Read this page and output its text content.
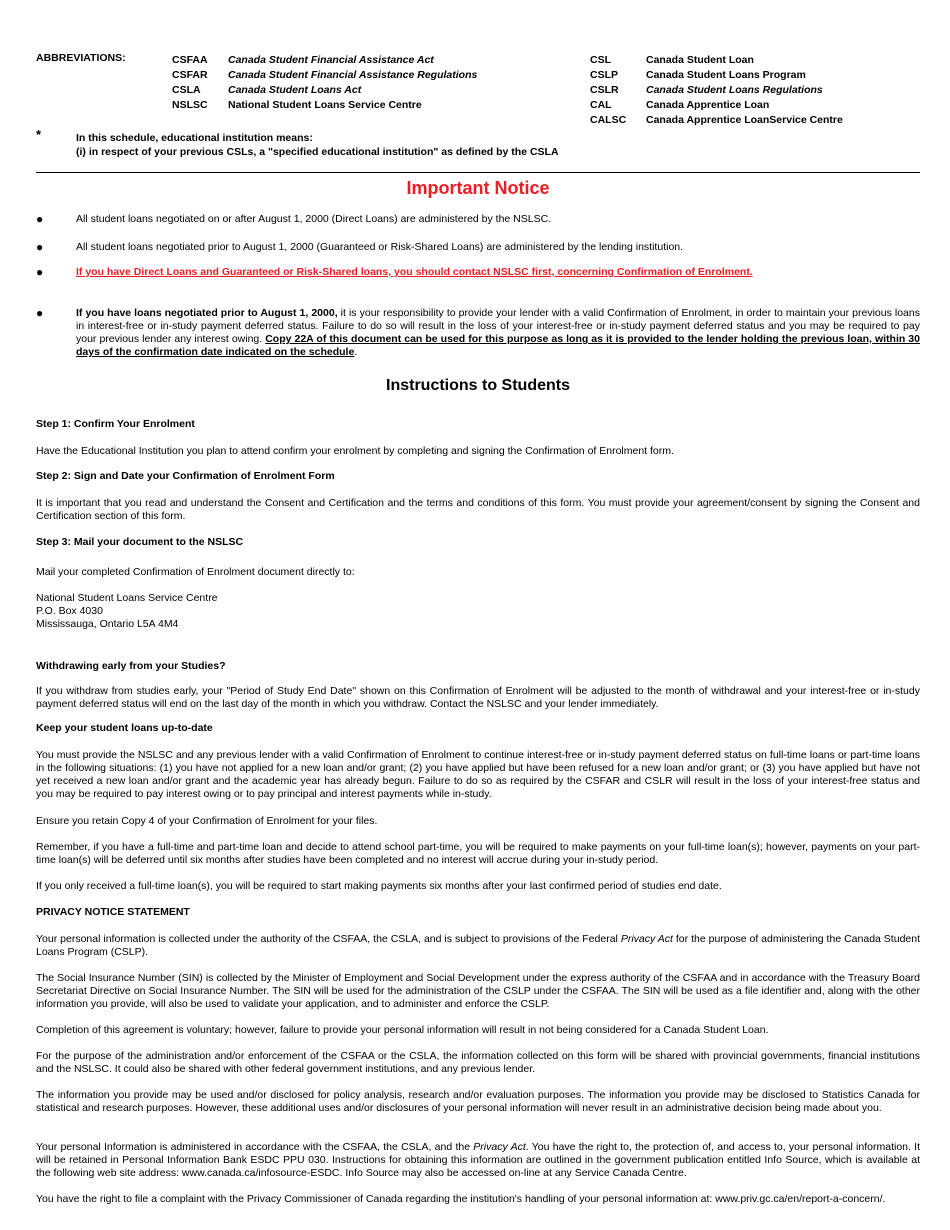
ABBREVIATIONS:	CSFAA	Canada Student Financial Assistance Act
CSFAR	Canada Student Financial Assistance Regulations
CSLA	Canada Student Loans Act
NSLSC	National Student Loans Service Centre
CSL	Canada Student Loan
CSLP	Canada Student Loans Program
CSLR	Canada Student Loans Regulations
CAL	Canada Apprentice Loan
CALSC	Canada Apprentice LoanService Centre
*	In this schedule, educational institution means:
(i) in respect of your previous CSLs, a "specified educational institution" as defined by the CSLA
Important Notice
●	All student loans negotiated on or after August 1, 2000 (Direct Loans) are administered by the NSLSC.
●	All student loans negotiated prior to August 1, 2000 (Guaranteed or Risk-Shared Loans) are administered by the lending institution.
●	If you have Direct Loans and Guaranteed or Risk-Shared loans, you should contact NSLSC first, concerning Confirmation of Enrolment.
●	If you have loans negotiated prior to August 1, 2000, it is your responsibility to provide your lender with a valid Confirmation of Enrolment, in order to maintain your previous loans in interest-free or in-study payment deferred status. Failure to do so will result in the loss of your interest-free or in-study payment deferred status and you may be required to pay your previous lender any interest owing. Copy 22A of this document can be used for this purpose as long as it is provided to the lender holding the previous loan, within 30 days of the confirmation date indicated on the schedule.
Instructions to Students
Step 1: Confirm Your Enrolment
Have the Educational Institution you plan to attend confirm your enrolment by completing and signing the Confirmation of Enrolment form.
Step 2: Sign and Date your Confirmation of Enrolment Form
It is important that you read and understand the Consent and Certification and the terms and conditions of this form. You must provide your agreement/consent by signing the Consent and Certification section of this form.
Step 3: Mail your document to the NSLSC
Mail your completed Confirmation of Enrolment document directly to:
National Student Loans Service Centre
P.O. Box 4030
Mississauga, Ontario L5A 4M4
Withdrawing early from your Studies?
If you withdraw from studies early, your "Period of Study End Date" shown on this Confirmation of Enrolment will be adjusted to the month of withdrawal and your interest-free or in-study payment deferred status will end on the last day of the month in which you withdraw. Contact the NSLSC and your lender immediately.
Keep your student loans up-to-date
You must provide the NSLSC and any previous lender with a valid Confirmation of Enrolment to continue interest-free or in-study payment deferred status on full-time loans or part-time loans in the following situations: (1) you have not applied for a new loan and/or grant; (2) you have applied but have been refused for a new loan and/or grant; or (3) you have applied but have not yet received a new loan and/or grant and the academic year has already begun. Failure to do so as required by the CSFAR and CSLR will result in the loss of your interest-free status and you may be required to pay interest owing or to pay principal and interest payments while in-study.
Ensure you retain Copy 4 of your Confirmation of Enrolment for your files.
Remember, if you have a full-time and part-time loan and decide to attend school part-time, you will be required to make payments on your full-time loan(s); however, payments on your part-time loan(s) will be deferred until six months after studies have been completed and no interest will accrue during your in-study period.
If you only received a full-time loan(s), you will be required to start making payments six months after your last confirmed period of studies end date.
PRIVACY NOTICE STATEMENT
Your personal information is collected under the authority of the CSFAA, the CSLA, and is subject to provisions of the Federal Privacy Act for the purpose of administering the Canada Student Loans Program (CSLP).
The Social Insurance Number (SIN) is collected by the Minister of Employment and Social Development under the express authority of the CSFAA and in accordance with the Treasury Board Secretariat Directive on Social Insurance Number. The SIN will be used for the administration of the CSLP under the CSFAA. The SIN will be used as a file identifier and, along with the other information you provide, will also be used to validate your application, and to administer and enforce the CSLP.
Completion of this agreement is voluntary; however, failure to provide your personal information will result in not being considered for a Canada Student Loan.
For the purpose of the administration and/or enforcement of the CSFAA or the CSLA, the information collected on this form will be shared with provincial governments, financial institutions and the NSLSC. It could also be shared with other federal government institutions, and any previous lender.
The information you provide may be used and/or disclosed for policy analysis, research and/or evaluation purposes. The information you provide may be disclosed to Statistics Canada for statistical and research purposes. However, these additional uses and/or disclosures of your personal information will never result in an administrative decision being made about you.
Your personal Information is administered in accordance with the CSFAA, the CSLA, and the Privacy Act. You have the right to, the protection of, and access to, your personal information. It will be retained in Personal Information Bank ESDC PPU 030. Instructions for obtaining this information are outlined in the government publication entitled Info Source, which is available at the following web site address: www.canada.ca/infosource-ESDC. Info Source may also be accessed on-line at any Service Canada Centre.
You have the right to file a complaint with the Privacy Commissioner of Canada regarding the institution's handling of your personal information at: www.priv.gc.ca/en/report-a-concern/.
